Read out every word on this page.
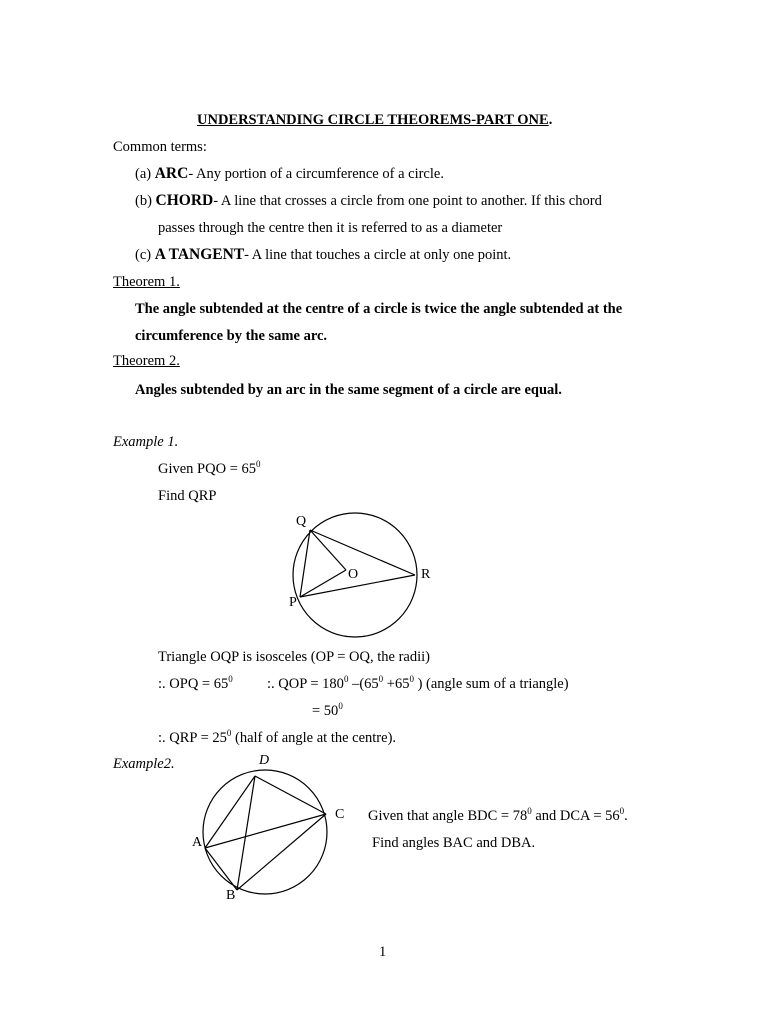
UNDERSTANDING CIRCLE THEOREMS-PART ONE.
Common terms:
(a) ARC- Any portion of a circumference of a circle.
(b) CHORD- A line that crosses a circle from one point to another. If this chord
passes through the centre then it is referred to as a diameter
(c) A TANGENT- A line that touches a circle at only one point.
Theorem 1.
The angle subtended at the centre of a circle is twice the angle subtended at the
circumference by the same arc.
Theorem 2.
Angles subtended by an arc in the same segment of a circle are equal.
Example 1.
Given PQO = $65^0$
Find QRP
Q
O	R
P
Triangle OQP is isosceles (OP = OQ, the radii)
:. OPQ = $65^0$ :. QOP = $180^0$ $-(65^0 +65^0$ ) (angle sum of a triangle)
= $50^0$
:. QRP = $25^0$ (half of angle at the centre).
Example2.	D
C
A
B
Given that angle BDC = $78^0$ and DCA = $56^0$.
Find angles BAC and DBA.
1
